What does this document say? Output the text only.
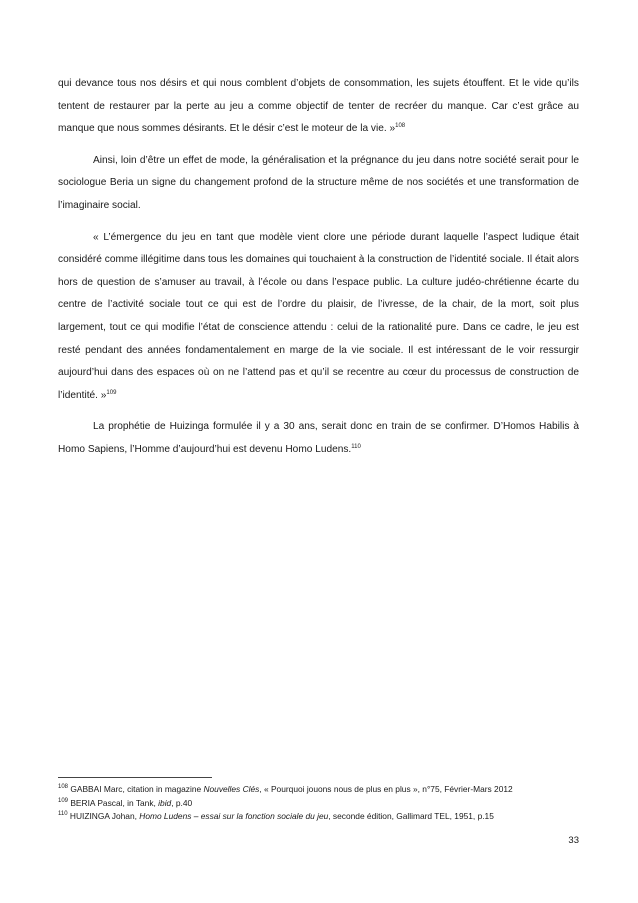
qui devance tous nos désirs et qui nous comblent d’objets de consommation, les sujets étouffent. Et le vide qu’ils tentent de restaurer par la perte au jeu a comme objectif de tenter de recréer du manque. Car c’est grâce au manque que nous sommes désirants. Et le désir c’est le moteur de la vie. »$^{108}$

Ainsi, loin d’être un effet de mode, la généralisation et la prégnance du jeu dans notre société serait pour le sociologue Beria un signe du changement profond de la structure même de nos sociétés et une transformation de l’imaginaire social.

« L’émergence du jeu en tant que modèle vient clore une période durant laquelle l’aspect ludique était considéré comme illégitime dans tous les domaines qui touchaient à la construction de l’identité sociale. Il était alors hors de question de s’amuser au travail, à l’école ou dans l’espace public. La culture judéo-chrétienne écarte du centre de l’activité sociale tout ce qui est de l’ordre du plaisir, de l’ivresse, de la chair, de la mort, soit plus largement, tout ce qui modifie l’état de conscience attendu : celui de la rationalité pure. Dans ce cadre, le jeu est resté pendant des années fondamentalement en marge de la vie sociale. Il est intéressant de le voir ressurgir aujourd’hui dans des espaces où on ne l’attend pas et qu’il se recentre au cœur du processus de construction de l’identité. »$^{109}$

La prophétie de Huizinga formulée il y a 30 ans, serait donc en train de se confirmer. D’Homos Habilis à Homo Sapiens, l’Homme d’aujourd’hui est devenu Homo Ludens.$^{110}$

$^{108}$ GABBAI Marc, citation in magazine Nouvelles Clés, « Pourquoi jouons nous de plus en plus », n°75, Février-Mars 2012

$^{109}$ BERIA Pascal, in Tank, ibid, p.40

$^{110}$ HUIZINGA Johan, Homo Ludens – essai sur la fonction sociale du jeu, seconde édition, Gallimard TEL, 1951, p.15

33
